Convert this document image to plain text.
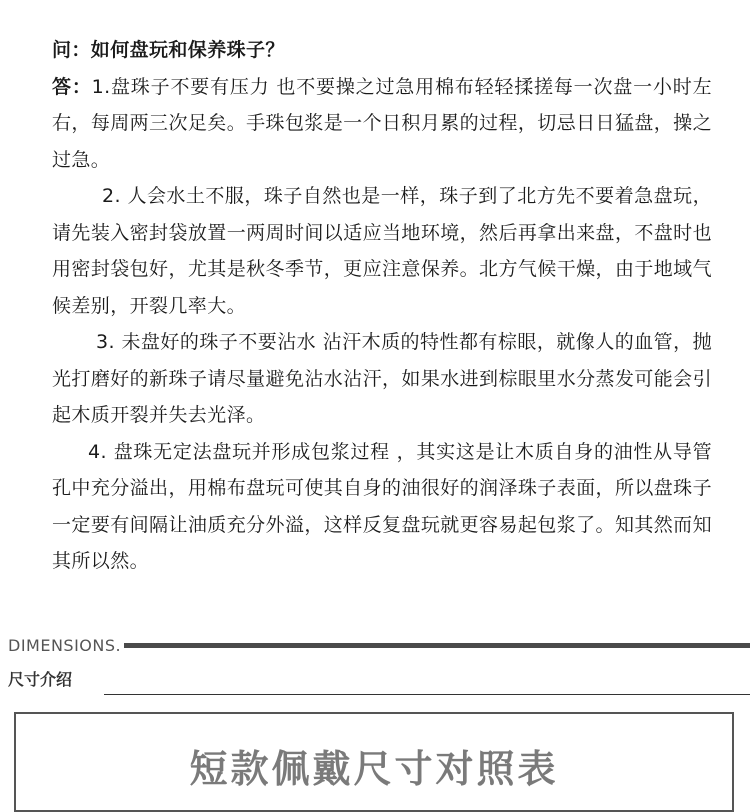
问：如何盘玩和保养珠子？

答：1.盘珠子不要有压力 也不要操之过急用棉布轻轻揉搓每一次盘一小时左右，每周两三次足矣。手珠包浆是一个日积月累的过程，切忌日日猛盘，操之过急。

2. 人会水土不服，珠子自然也是一样，珠子到了北方先不要着急盘玩，请先装入密封袋放置一两周时间以适应当地环境，然后再拿出来盘，不盘时也用密封袋包好，尤其是秋冬季节，更应注意保养。北方气候干燥，由于地域气候差别，开裂几率大。

3. 未盘好的珠子不要沾水 沾汗木质的特性都有棕眼，就像人的血管，抛光打磨好的新珠子请尽量避免沾水沾汗，如果水进到棕眼里水分蒸发可能会引起木质开裂并失去光泽。

4. 盘珠无定法盘玩并形成包浆过程 ，其实这是让木质自身的油性从导管孔中充分溢出，用棉布盘玩可使其自身的油很好的润泽珠子表面，所以盘珠子一定要有间隔让油质充分外溢，这样反复盘玩就更容易起包浆了。知其然而知其所以然。

DIMENSIONS.
尺寸介绍
短款佩戴尺寸对照表
